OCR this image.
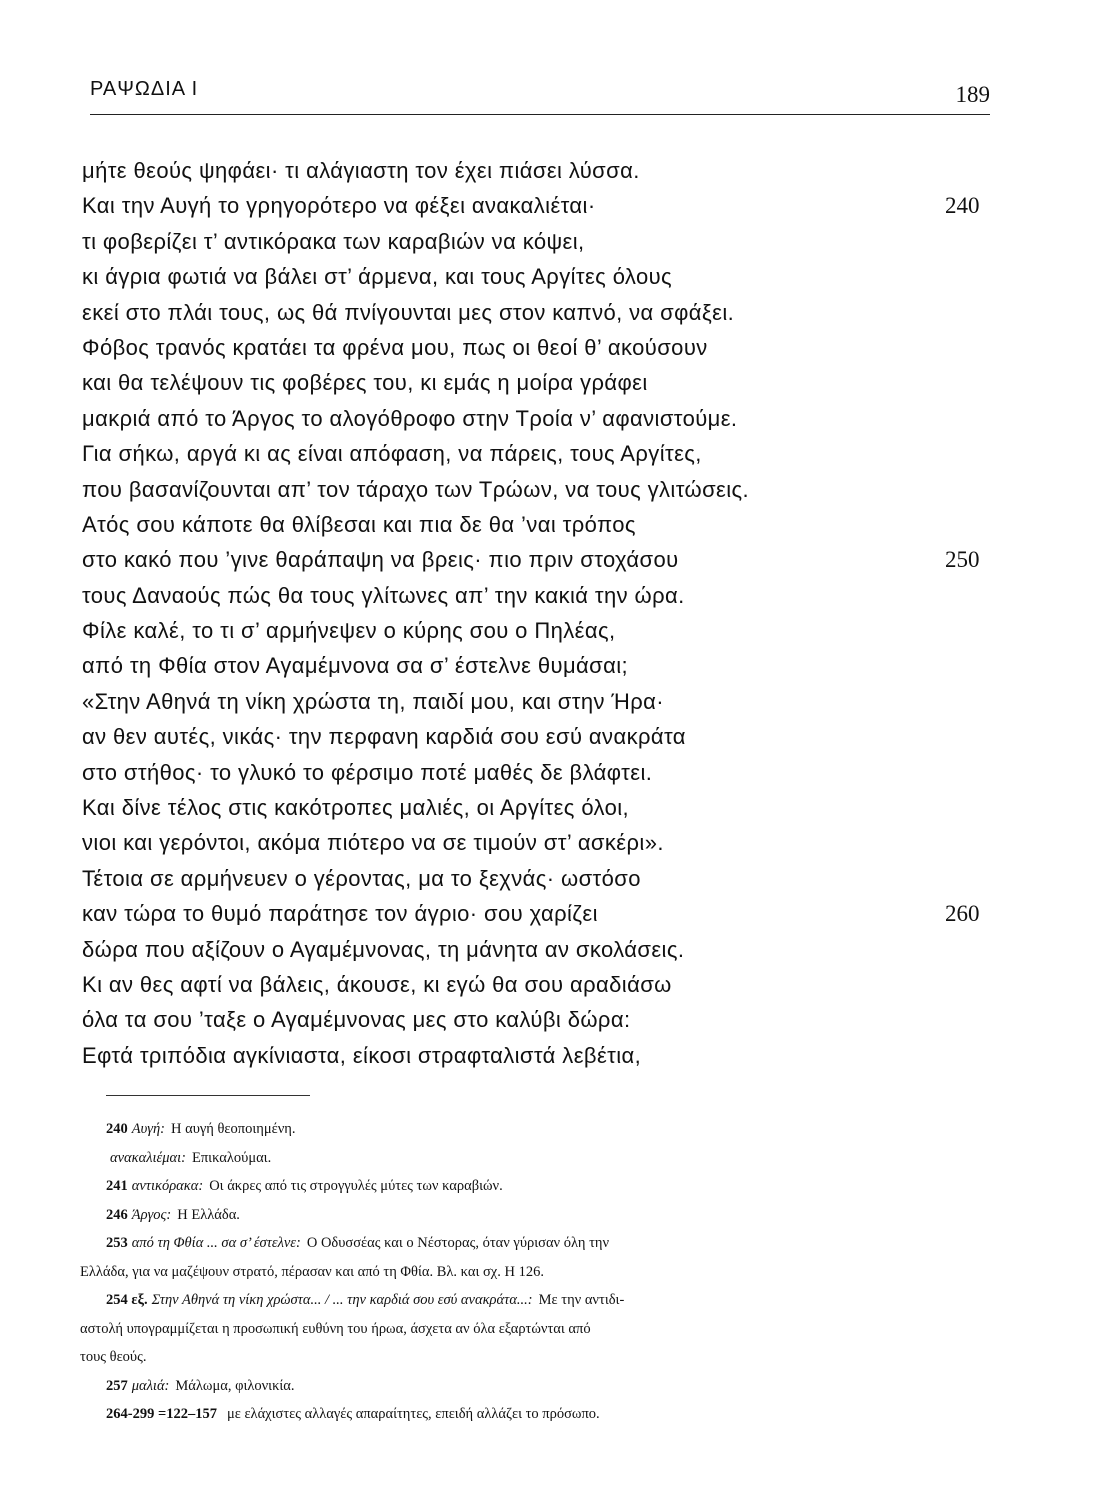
ΡΑΨΩΔΙΑ Ι	189
μήτε θεούς ψηφάει· τι αλάγιαστη τον έχει πιάσει λύσσα.
Και την Αυγή το γρηγορότερο να φέξει ανακαλιέται·	240
τι φοβερίζει τ’ αντικόρακα των καραβιών να κόψει,
κι άγρια φωτιά να βάλει στ’ άρμενα, και τους Αργίτες όλους
εκεί στο πλάι τους, ως θά πνίγουνται μες στον καπνό, να σφάξει.
Φόβος τρανός κρατάει τα φρένα μου, πως οι θεοί θ’ ακούσουν
και θα τελέψουν τις φοβέρες του, κι εμάς η μοίρα γράφει
μακριά από το Άργος το αλογόθροφο στην Τροία ν’ αφανιστούμε.
Για σήκω, αργά κι ας είναι απόφαση, να πάρεις, τους Αργίτες,
που βασανίζουνται απ’ τον τάραχο των Τρώων, να τους γλιτώσεις.
Ατός σου κάποτε θα θλίβεσαι και πια δε θα ’ναι τρόπος
στο κακό που ’γινε θαράπαψη να βρεις· πιο πριν στοχάσου	250
τους Δαναούς πώς θα τους γλίτωνες απ’ την κακιά την ώρα.
Φίλε καλέ, το τι σ’ αρμήνεψεν ο κύρης σου ο Πηλέας,
από τη Φθία στον Αγαμέμνονα σα σ’ έστελνε θυμάσαι;
«Στην Αθηνά τη νίκη χρώστα τη, παιδί μου, και στην Ήρα·
αν θεν αυτές, νικάς· την περφανη καρδιά σου εσύ ανακράτα
στο στήθος· το γλυκό το φέρσιμο ποτέ μαθές δε βλάφτει.
Και δίνε τέλος στις κακότροπες μαλιές, οι Αργίτες όλοι,
νιοι και γερόντοι, ακόμα πιότερο να σε τιμούν στ’ ασκέρι».
Τέτοια σε αρμήνευεν ο γέροντας, μα το ξεχνάς· ωστόσο
καν τώρα το θυμό παράτησε τον άγριο· σου χαρίζει	260
δώρα που αξίζουν ο Αγαμέμνονας, τη μάνητα αν σκολάσεις.
Κι αν θες αφτί να βάλεις, άκουσε, κι εγώ θα σου αραδιάσω
όλα τα σου ’ταξε ο Αγαμέμνονας μες στο καλύβι δώρα:
Εφτά τριπόδια αγκίνιαστα, είκοσι στραφταλιστά λεβέτια,
240 Αυγή: Η αυγή θεοποιημένη.
ανακαλιέμαι: Επικαλούμαι.
241 αντικόρακα: Οι άκρες από τις στρογγυλές μύτες των καραβιών.
246 Άργος: Η Ελλάδα.
253 από τη Φθία ... σα σ’ έστελνε: Ο Οδυσσέας και ο Νέστορας, όταν γύρισαν όλη την
Ελλάδα, για να μαζέψουν στρατό, πέρασαν και από τη Φθία. Βλ. και σχ. Η 126.
254 εξ. Στην Αθηνά τη νίκη χρώστα... / ... την καρδιά σου εσύ ανακράτα...: Με την αντιδι-
αστολή υπογραμμίζεται η προσωπική ευθύνη του ήρωα, άσχετα αν όλα εξαρτώνται από
τους θεούς.
257 μαλιά: Μάλωμα, φιλονικία.
264-299 =122–157 με ελάχιστες αλλαγές απαραίτητες, επειδή αλλάζει το πρόσωπο.
